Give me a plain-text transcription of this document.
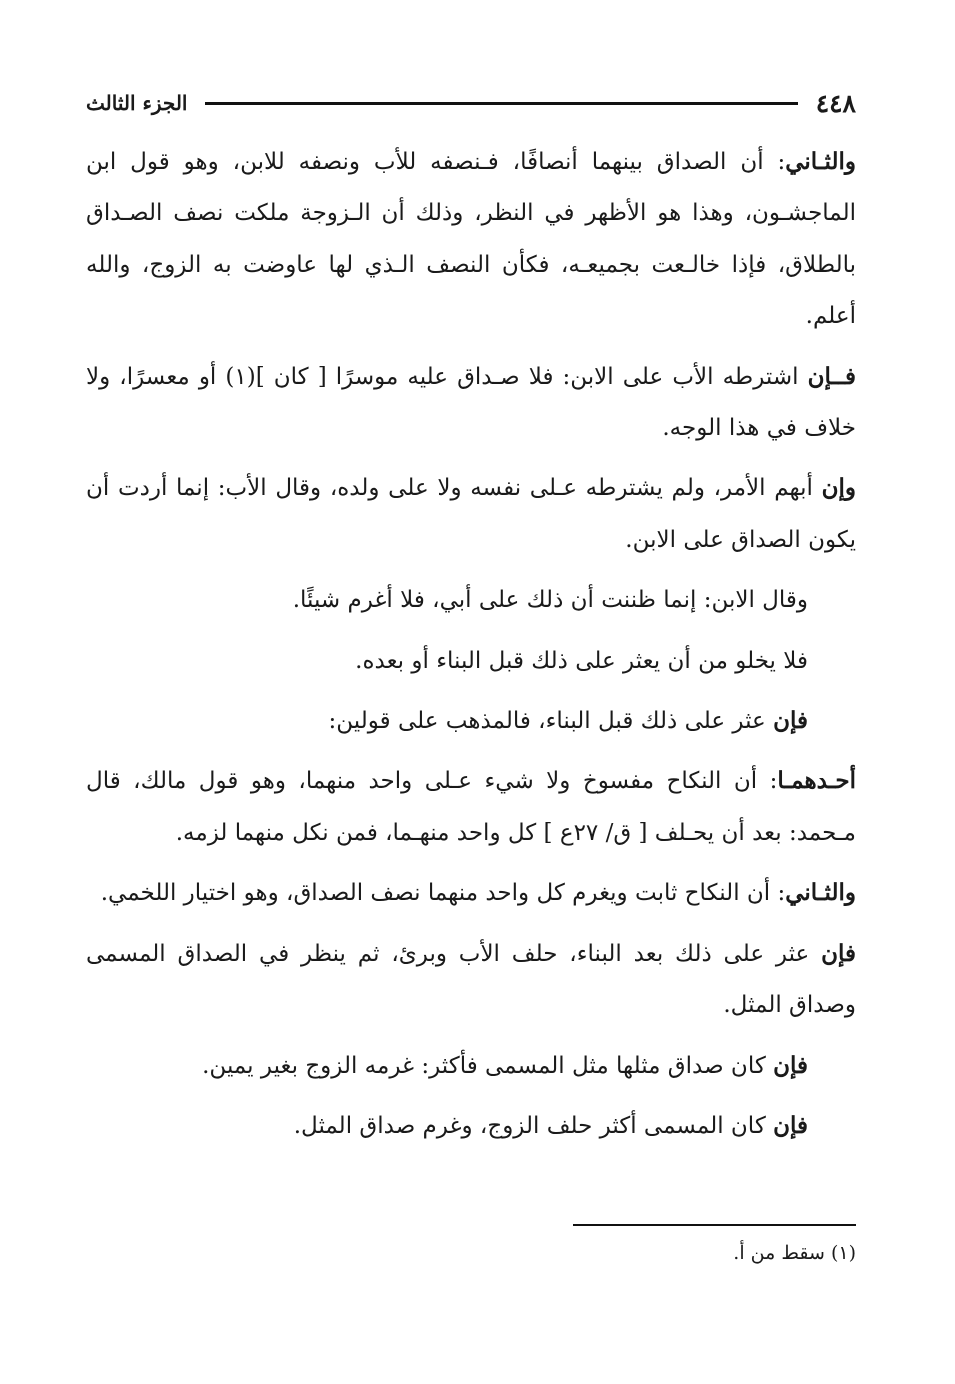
٤٤٨
الجزء الثالث

والثـاني: أن الصداق بينهما أنصافًا، فـنصفه للأب ونصفه للابن، وهو قول ابن الماجشـون، وهذا هو الأظهر في النظر، وذلك أن الـزوجة ملكت نصف الصـداق بالطلاق، فإذا خالـعت بجميعـه، فكأن النصف الـذي لها عاوضت به الزوج، والله أعلم.

فــإن اشترطه الأب على الابن: فلا صـداق عليه موسرًا [ كان ](١) أو معسرًا، ولا خلاف في هذا الوجه.

وإن أبهم الأمر، ولم يشترطه عـلى نفسه ولا على ولده، وقال الأب: إنما أردت أن يكون الصداق على الابن.

وقال الابن: إنما ظننت أن ذلك على أبي، فلا أغرم شيئًا.

فلا يخلو من أن يعثر على ذلك قبل البناء أو بعده.

فإن عثر على ذلك قبل البناء، فالمذهب على قولين:

أحـدهمـا: أن النكاح مفسوخ ولا شيء عـلى واحد منهما، وهو قول مالك، قال مـحمد: بعد أن يحـلف [ ق/ ٢٧ع ] كل واحد منهـما، فمن نكل منهما لزمه.

والثـاني: أن النكاح ثابت ويغرم كل واحد منهما نصف الصداق، وهو اختيار اللخمي.

فإن عثر على ذلك بعد البناء، حلف الأب وبرئ، ثم ينظر في الصداق المسمى وصداق المثل.

فإن كان صداق مثلها مثل المسمى فأكثر: غرمه الزوج بغير يمين.

فإن كان المسمى أكثر حلف الزوج، وغرم صداق المثل.

(١) سقط من أ.
